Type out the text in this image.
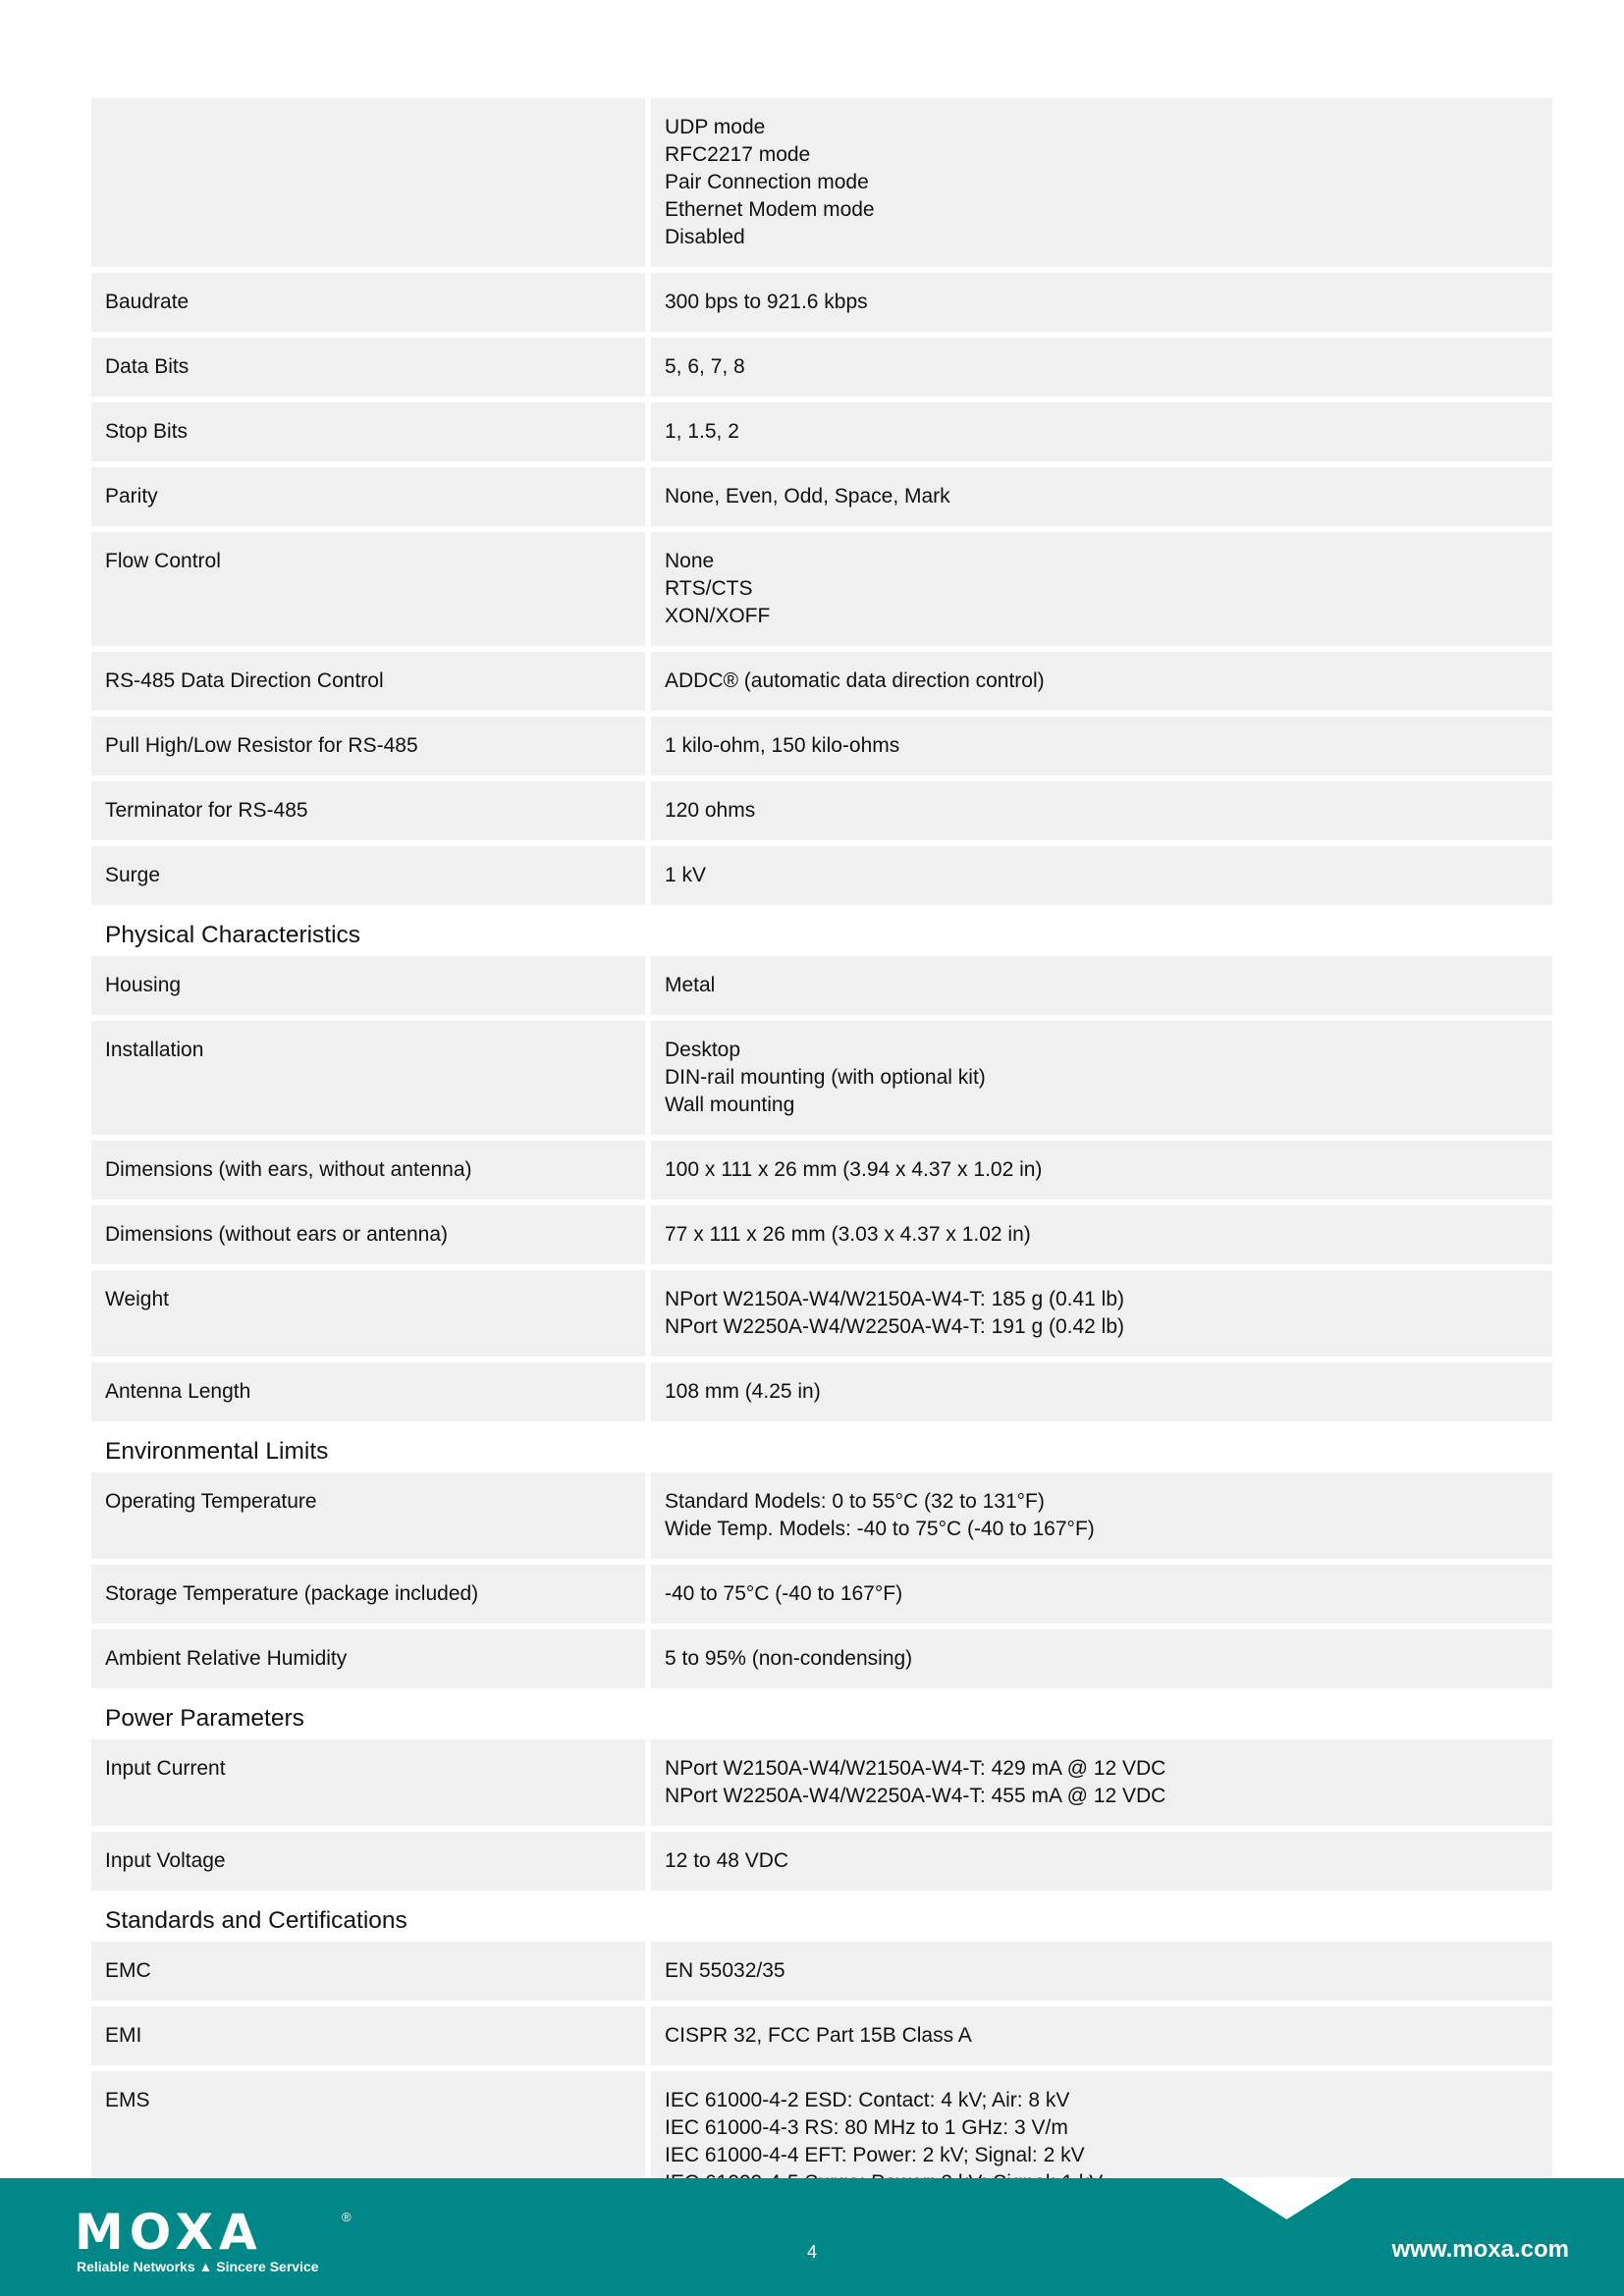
UDP mode
RFC2217 mode
Pair Connection mode
Ethernet Modem mode
Disabled
Baudrate	300 bps to 921.6 kbps
Data Bits	5, 6, 7, 8
Stop Bits	1, 1.5, 2
Parity	None, Even, Odd, Space, Mark
Flow Control	None
RTS/CTS
XON/XOFF
RS-485 Data Direction Control	ADDC® (automatic data direction control)
Pull High/Low Resistor for RS-485	1 kilo-ohm, 150 kilo-ohms
Terminator for RS-485	120 ohms
Surge	1 kV
Physical Characteristics
Housing	Metal
Installation	Desktop
DIN-rail mounting (with optional kit)
Wall mounting
Dimensions (with ears, without antenna)	100 x 111 x 26 mm (3.94 x 4.37 x 1.02 in)
Dimensions (without ears or antenna)	77 x 111 x 26 mm (3.03 x 4.37 x 1.02 in)
Weight	NPort W2150A-W4/W2150A-W4-T: 185 g (0.41 lb)
NPort W2250A-W4/W2250A-W4-T: 191 g (0.42 lb)
Antenna Length	108 mm (4.25 in)
Environmental Limits
Operating Temperature	Standard Models: 0 to 55°C (32 to 131°F)
Wide Temp. Models: -40 to 75°C (-40 to 167°F)
Storage Temperature (package included)	-40 to 75°C (-40 to 167°F)
Ambient Relative Humidity	5 to 95% (non-condensing)
Power Parameters
Input Current	NPort W2150A-W4/W2150A-W4-T: 429 mA @ 12 VDC
NPort W2250A-W4/W2250A-W4-T: 455 mA @ 12 VDC
Input Voltage	12 to 48 VDC
Standards and Certifications
EMC	EN 55032/35
EMI	CISPR 32, FCC Part 15B Class A
EMS	IEC 61000-4-2 ESD: Contact: 4 kV; Air: 8 kV
IEC 61000-4-3 RS: 80 MHz to 1 GHz: 3 V/m
IEC 61000-4-4 EFT: Power: 2 kV; Signal: 2 kV
MOXA	®
Reliable Networks ▲ Sincere Service
4	www.moxa.com
